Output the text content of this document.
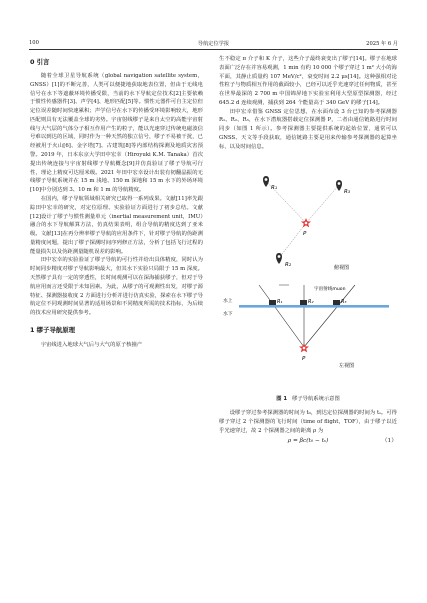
100	导航定位学报	2025 年 6 月
0 引言

随着全球卫星导航系统（global navigation satellite system，GNSS）[1]的不断完善，人类可以便捷地获取地表位置，但由于无线电信号在水下等遮蔽环境传播受限，当前的水下导航定位技术[2]主要依赖于惯性传感器件[3]、声学[4]、地形匹配[5]等。惯性元器件可自主定位但定位误差随时间快速累积；声学信号在水下的传播受环境影响较大，地形匹配则具有无法覆盖全球的劣势。宇宙射线缪子是来自太空的高能宇宙射线与大气层的气体分子相互作用产生的粒子，能以光速穿过传统电磁波信号难以到达的区域，同时作为一种天然的独立信号，缪子不易被干扰，已经被用于火山[6]、金字塔[7]、古建筑[8]等内部结构探测及地质灾害预警。2019 年，日本东京大学田中宏幸（Hiroyuki K.M. Tanaka）首次提出传统连接与宇宙射线缪子导航概念[9]并仿真验证了缪子导航可行性，理论上精度可达厘米级。2021 年田中宏幸设计出装有韧翻晶振的无线缪子导航系统并在 15 m 浅地、150 m 深地和 15 m 水下的外场环境[10]中分别达到 3、10 m 和 1 m 的导航精度。

在国内，缪子导航领域相关研究已取得一系列成果。文献[11]率先跟踪田中宏幸的研究，对定位原理、实验验证方面进行了初步总结。文献[12]设计了缪子与惯性测量单元（inertial measurement unit，IMU）融合的水下导航解算方法，仿真结果表明，组合导航的精度达到了亚米级。文献[13]在再分辨率缪子导航的应用条件下，针对缪子导航的伪距测量精度问题，提出了缪子探测时间序列修正方法，分析了包括飞行过程的能量损失以及伪距测量随机误差的影响。

田中宏幸的实验验证了缪子导航的可行性并给出具体精度，同时认为时间同步精度对缪子导航影响最大，但其水下实验只局限于 15 m 深度。天然缪子具有一定的穿透性，长时间观测可以在深海捕获缪子，但对于导航应用而言还受限于未知因素。为此，从缪子的可观测性出发，对缪子源特征、探测器接收度 2 方面进行分析并进行仿真实验，探索在水下缪子导航定位不同观测时间显著的适用场景和不同精度所需的技术指标，为后续的技术应用研究提供参考。

1 缪子导航原理

宇宙线进入地球大气后与大气的原子核撞产

生不稳定 π 介子和 K 介子，这些介子最终衰变出了缪子[14]。缪子在地球表面广泛存在并容易观测，1 min 有约 10 000 个缪子穿过 1 m² 大小的海平面，其静止质量约 107 MeV/c²，衰变时间 2.2 μs[14]。这种强相对论性粒子与物质相互作用的截面较小，已经可以近乎光速穿过任何物质，甚至在世界最深的 2 700 m 中国锦屏地下实验室利用大型原型探测器，经过 645.2 d 连续观测，捕获到 264 个能量高于 340 GeV 的缪子[14]。

田中宏幸借鉴 GNSS 定位思想，在水面布设 3 台已知的参考探测器 R₁、R₂、R₃，在水下潜航器搭载定位探测器 P，二者由通信链路进行时间同步（如图 1 所示）。参考探测器主要提供系统的起始位置，通常可以 GNSS、天文等手段获取，通信链路主要是用来传输参考探测器的起算坐标，以及时间信息。

R₁
R₃
R₂
P
俯视图
宇宙射线muon
水上
水下
R₁	R₂	R₃
P
左视图
图 1 缪子导航系统示意图

设缪子穿过参考探测器的时间为 t₀，到达定位探测器的时间为 tₛ。可得缪子穿过 2 个探测器的飞行时间（time of flight，TOF），由于缪子以近乎光速穿过，故 2 个探测器之间的距离 ρ 为

ρ = βc(t₀ − tₛ)	（1）
